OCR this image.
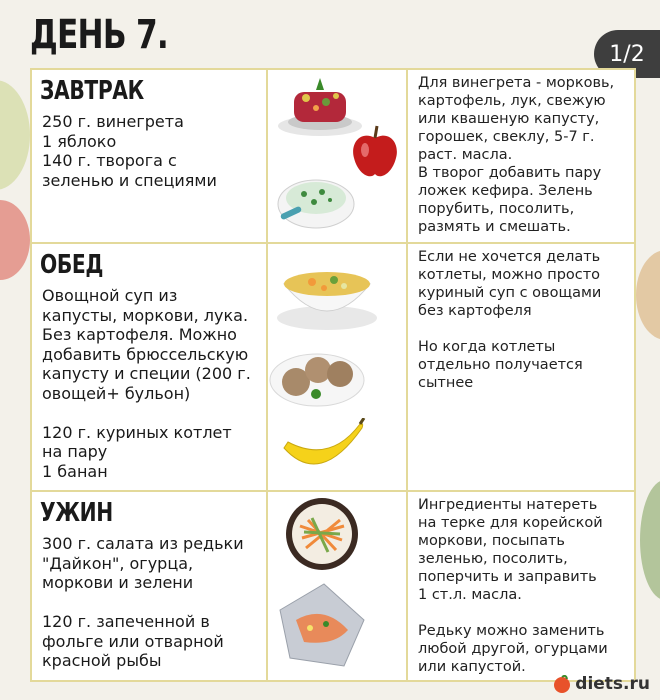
ДЕНЬ 7.	1/2
ЗАВТРАК
250 г. винегрета
1 яблоко
140 г. творога с
зеленью и специями
Для винегрета - морковь,
картофель, лук, свежую
или квашеную капусту,
горошек, свеклу, 5-7 г.
раст. масла.
В творог добавить пару
ложек кефира. Зелень
порубить, посолить,
размять и смешать.
ОБЕД
Овощной суп из
капусты, моркови, лука.
Без картофеля. Можно
добавить брюссельскую
капусту и специи (200 г.
овощей+ бульон)

120 г. куриных котлет
на пару
1 банан
Если не хочется делать
котлеты, можно просто
куриный суп с овощами
без картофеля

Но когда котлеты
отдельно получается
сытнее
УЖИН
300 г. салата из редьки
"Дайкон", огурца,
моркови и зелени

120 г. запеченной в
фольге или отварной
красной рыбы
Ингредиенты натереть
на терке для корейской
моркови, посыпать
зеленью, посолить,
поперчить и заправить
1 ст.л. масла.

Редьку можно заменить
любой другой, огурцами
или капустой.
diets.ru
